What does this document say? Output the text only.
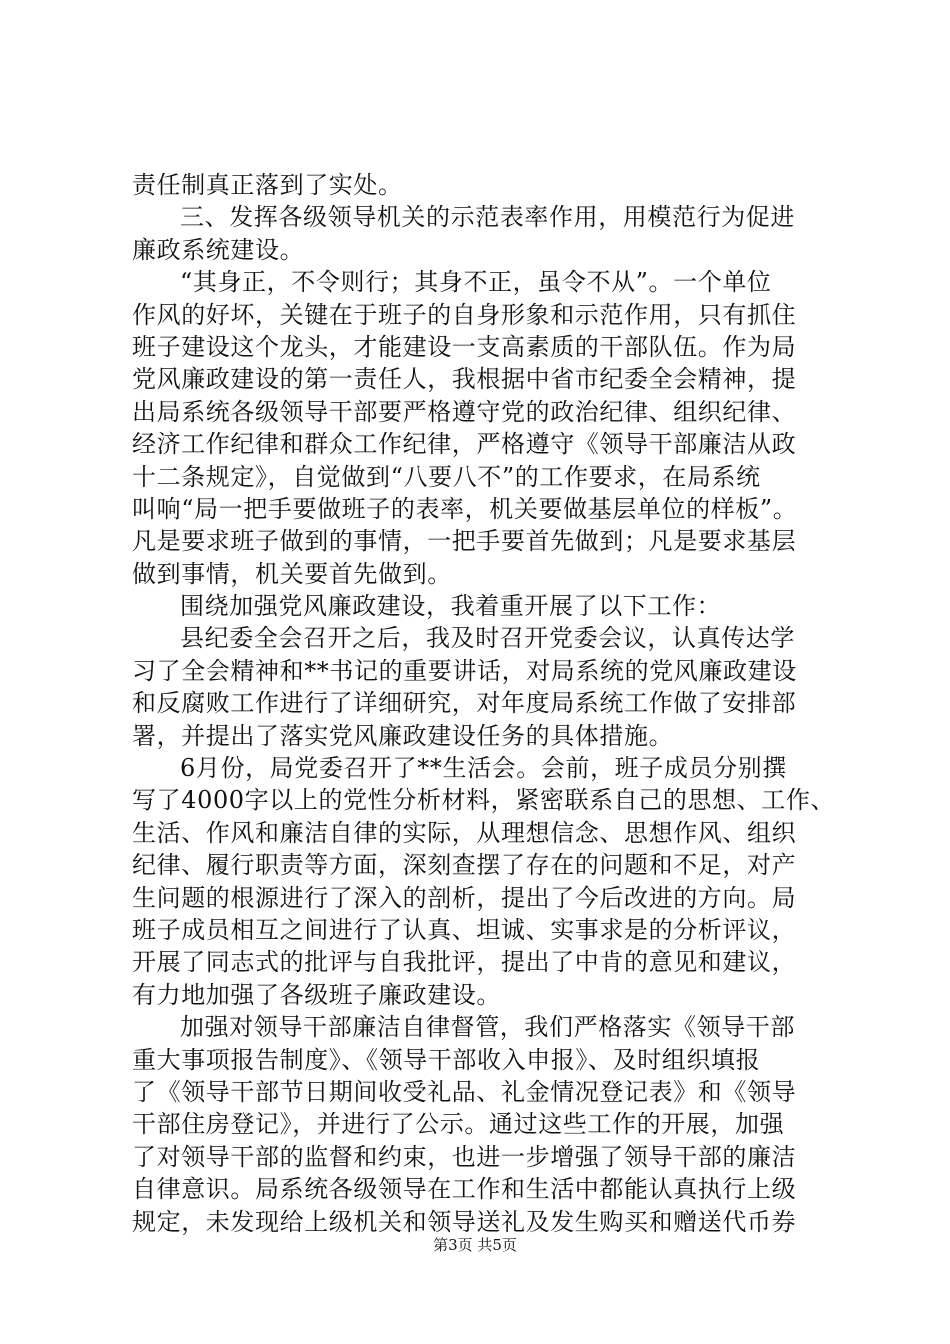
责任制真正落到了实处。
三、发挥各级领导机关的示范表率作用，用模范行为促进
廉政系统建设。
“其身正，不令则行；其身不正，虽令不从”。一个单位
作风的好坏，关键在于班子的自身形象和示范作用，只有抓住
班子建设这个龙头，才能建设一支高素质的干部队伍。作为局
党风廉政建设的第一责任人，我根据中省市纪委全会精神，提
出局系统各级领导干部要严格遵守党的政治纪律、组织纪律、
经济工作纪律和群众工作纪律，严格遵守《领导干部廉洁从政
十二条规定》，自觉做到“八要八不”的工作要求，在局系统
叫响“局一把手要做班子的表率，机关要做基层单位的样板”。
凡是要求班子做到的事情，一把手要首先做到；凡是要求基层
做到事情，机关要首先做到。
围绕加强党风廉政建设，我着重开展了以下工作：
县纪委全会召开之后，我及时召开党委会议，认真传达学
习了全会精神和**书记的重要讲话，对局系统的党风廉政建设
和反腐败工作进行了详细研究，对年度局系统工作做了安排部
署，并提出了落实党风廉政建设任务的具体措施。
6月份，局党委召开了**生活会。会前，班子成员分别撰
写了4000字以上的党性分析材料，紧密联系自己的思想、工作、
生活、作风和廉洁自律的实际，从理想信念、思想作风、组织
纪律、履行职责等方面，深刻查摆了存在的问题和不足，对产
生问题的根源进行了深入的剖析，提出了今后改进的方向。局
班子成员相互之间进行了认真、坦诚、实事求是的分析评议，
开展了同志式的批评与自我批评，提出了中肯的意见和建议，
有力地加强了各级班子廉政建设。
加强对领导干部廉洁自律督管，我们严格落实《领导干部
重大事项报告制度》、《领导干部收入申报》、及时组织填报
了《领导干部节日期间收受礼品、礼金情况登记表》和《领导
干部住房登记》，并进行了公示。通过这些工作的开展，加强
了对领导干部的监督和约束，也进一步增强了领导干部的廉洁
自律意识。局系统各级领导在工作和生活中都能认真执行上级
规定，未发现给上级机关和领导送礼及发生购买和赠送代币券
第3页 共5页
